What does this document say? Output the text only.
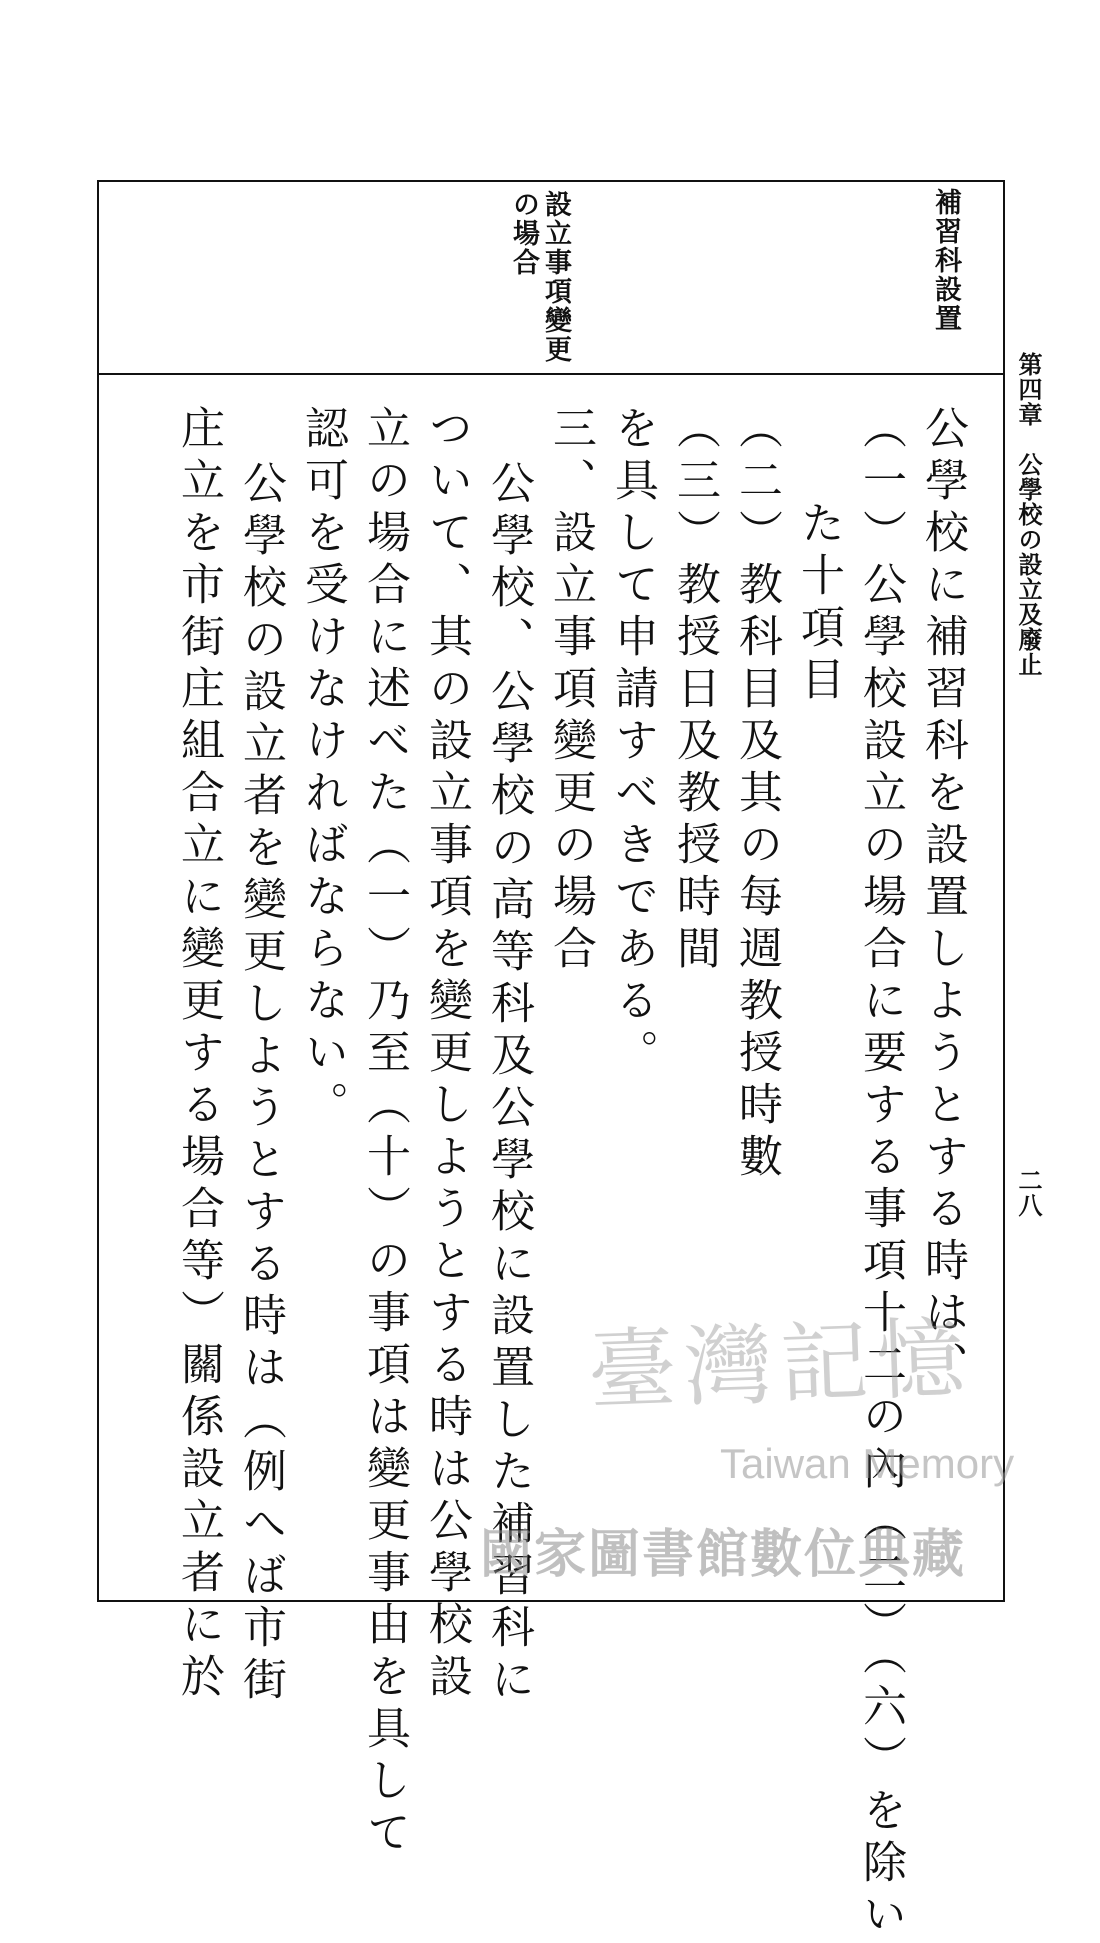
第四章　公學校の設立及廢止
二八
補習科設置
設立事項變更
の場合
公學校に補習科を設置しようとする時は、
（一）公學校設立の場合に要する事項十二の內（二）（六）を除い
た十項目
（二）教科目及其の每週教授時數
（三）教授日及教授時間
を具して申請すべきである。
三、設立事項變更の場合
公學校、公學校の高等科及公學校に設置した補習科に
ついて、其の設立事項を變更しようとする時は公學校設
立の場合に述べた（一）乃至（十）の事項は變更事由を具して
認可を受けなければならない。
公學校の設立者を變更しようとする時は（例へば市街
庄立を市街庄組合立に變更する場合等）關係設立者に於	臺灣記憶
Taiwan Memory
國家圖書館數位典藏
